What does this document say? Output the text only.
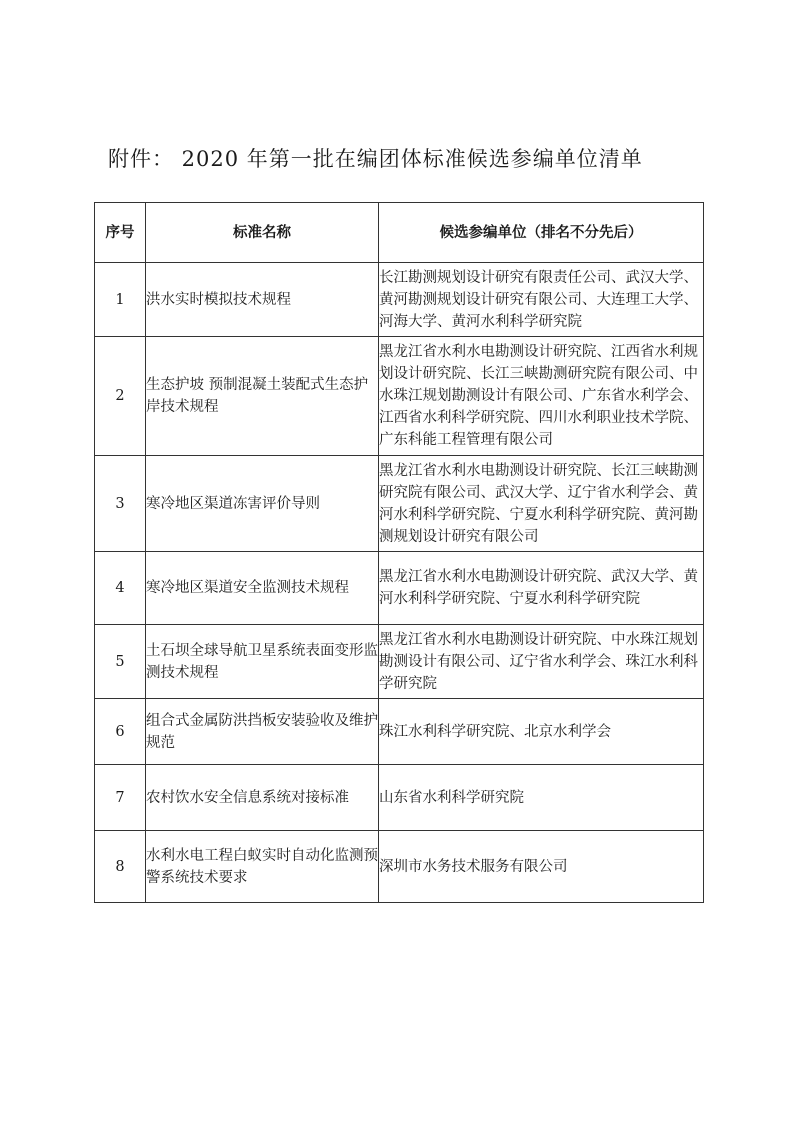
附件： 2020 年第一批在编团体标准候选参编单位清单
序号	标准名称	候选参编单位（排名不分先后）
1	洪水实时模拟技术规程	长江勘测规划设计研究有限责任公司、武汉大学、黄河勘测规划设计研究有限公司、大连理工大学、河海大学、黄河水利科学研究院
2	生态护坡 预制混凝土装配式生态护岸技术规程	黑龙江省水利水电勘测设计研究院、江西省水利规划设计研究院、长江三峡勘测研究院有限公司、中水珠江规划勘测设计有限公司、广东省水利学会、江西省水利科学研究院、四川水利职业技术学院、广东科能工程管理有限公司
3	寒冷地区渠道冻害评价导则	黑龙江省水利水电勘测设计研究院、长江三峡勘测研究院有限公司、武汉大学、辽宁省水利学会、黄河水利科学研究院、宁夏水利科学研究院、黄河勘测规划设计研究有限公司
4	寒冷地区渠道安全监测技术规程	黑龙江省水利水电勘测设计研究院、武汉大学、黄河水利科学研究院、宁夏水利科学研究院
5	土石坝全球导航卫星系统表面变形监测技术规程	黑龙江省水利水电勘测设计研究院、中水珠江规划勘测设计有限公司、辽宁省水利学会、珠江水利科学研究院
6	组合式金属防洪挡板安装验收及维护规范	珠江水利科学研究院、北京水利学会
7	农村饮水安全信息系统对接标准	山东省水利科学研究院
8	水利水电工程白蚁实时自动化监测预警系统技术要求	深圳市水务技术服务有限公司
